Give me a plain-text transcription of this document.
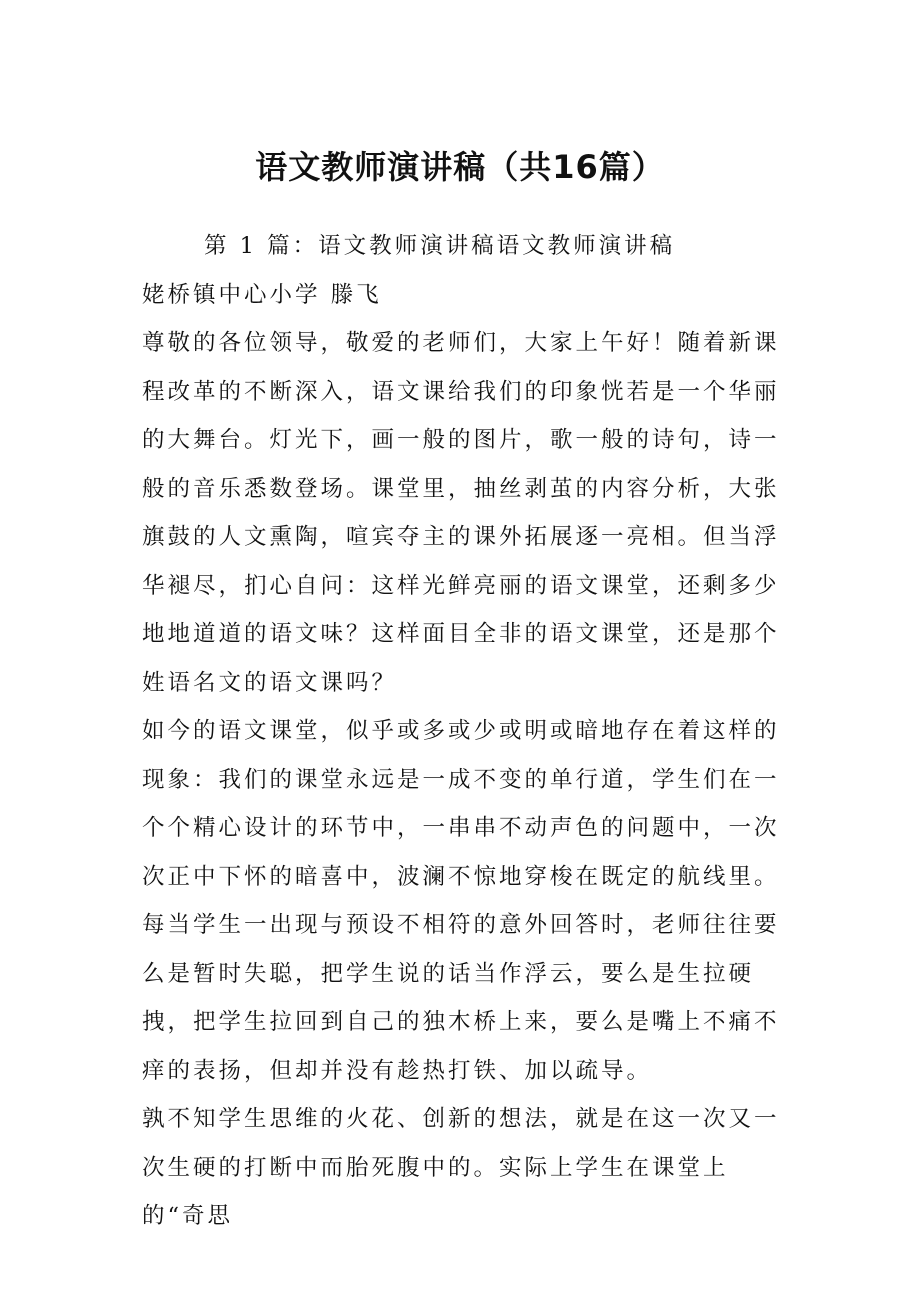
语文教师演讲稿（共16篇）

第 1 篇：语文教师演讲稿语文教师演讲稿

姥桥镇中心小学 滕飞

尊敬的各位领导，敬爱的老师们，大家上午好！随着新课程改革的不断深入，语文课给我们的印象恍若是一个华丽的大舞台。灯光下，画一般的图片，歌一般的诗句，诗一般的音乐悉数登场。课堂里，抽丝剥茧的内容分析，大张旗鼓的人文熏陶，喧宾夺主的课外拓展逐一亮相。但当浮华褪尽，扪心自问：这样光鲜亮丽的语文课堂，还剩多少地地道道的语文味？这样面目全非的语文课堂，还是那个姓语名文的语文课吗？

如今的语文课堂，似乎或多或少或明或暗地存在着这样的现象：我们的课堂永远是一成不变的单行道，学生们在一个个精心设计的环节中，一串串不动声色的问题中，一次次正中下怀的暗喜中，波澜不惊地穿梭在既定的航线里。每当学生一出现与预设不相符的意外回答时，老师往往要么是暂时失聪，把学生说的话当作浮云，要么是生拉硬拽，把学生拉回到自己的独木桥上来，要么是嘴上不痛不痒的表扬，但却并没有趁热打铁、加以疏导。

孰不知学生思维的火花、创新的想法，就是在这一次又一次生硬的打断中而胎死腹中的。实际上学生在课堂上的“奇思
